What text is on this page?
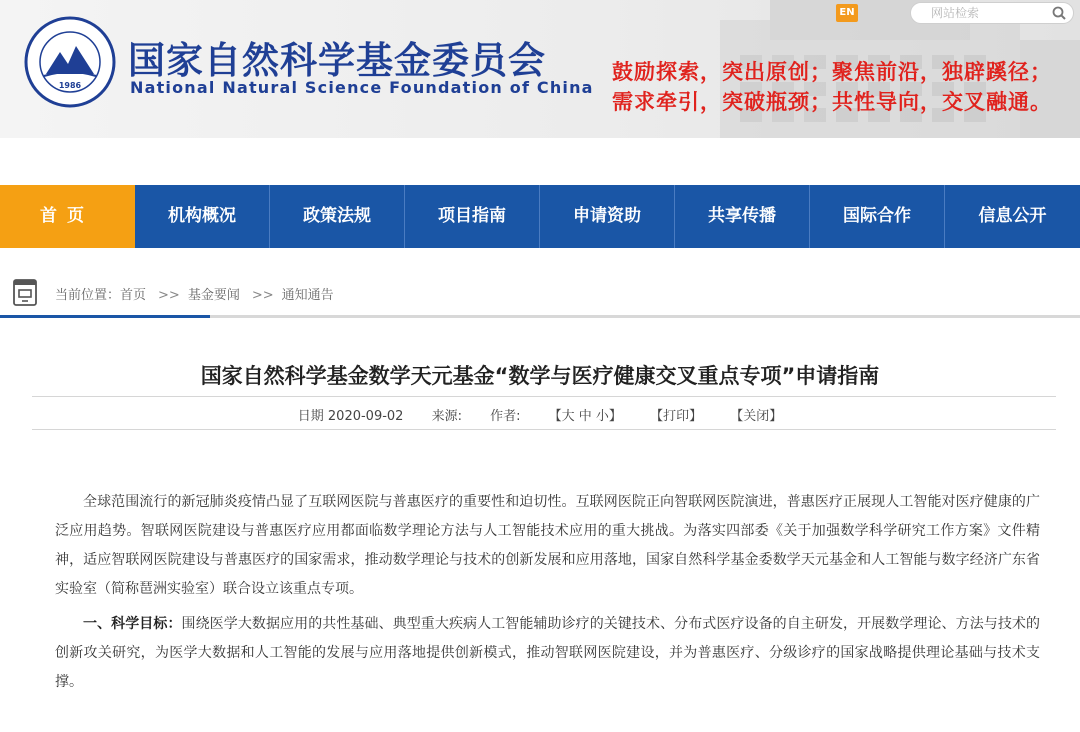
1986
国家自然科学基金委员会
National Natural Science Foundation of China
鼓励探索，突出原创；聚焦前沿，独辟蹊径；
需求牵引，突破瓶颈；共性导向，交叉融通。
EN
网站检索
首页	机构概况	政策法规	项目指南	申请资助	共享传播	国际合作	信息公开
当前位置：首页 >> 基金要闻 >> 通知通告
国家自然科学基金数学天元基金“数学与医疗健康交叉重点专项”申请指南
日期 2020-09-02 来源: 作者: 【大 中 小】 【打印】 【关闭】

全球范围流行的新冠肺炎疫情凸显了互联网医院与普惠医疗的重要性和迫切性。互联网医院正向智联网医院演进，普惠医疗正展现人工智能对医疗健康的广泛应用趋势。智联网医院建设与普惠医疗应用都面临数学理论方法与人工智能技术应用的重大挑战。为落实四部委《关于加强数学科学研究工作方案》文件精神，适应智联网医院建设与普惠医疗的国家需求，推动数学理论与技术的创新发展和应用落地，国家自然科学基金委数学天元基金和人工智能与数字经济广东省实验室（简称琶洲实验室）联合设立该重点专项。

一、科学目标：围绕医学大数据应用的共性基础、典型重大疾病人工智能辅助诊疗的关键技术、分布式医疗设备的自主研发，开展数学理论、方法与技术的创新攻关研究，为医学大数据和人工智能的发展与应用落地提供创新模式，推动智联网医院建设，并为普惠医疗、分级诊疗的国家战略提供理论基础与技术支撑。
